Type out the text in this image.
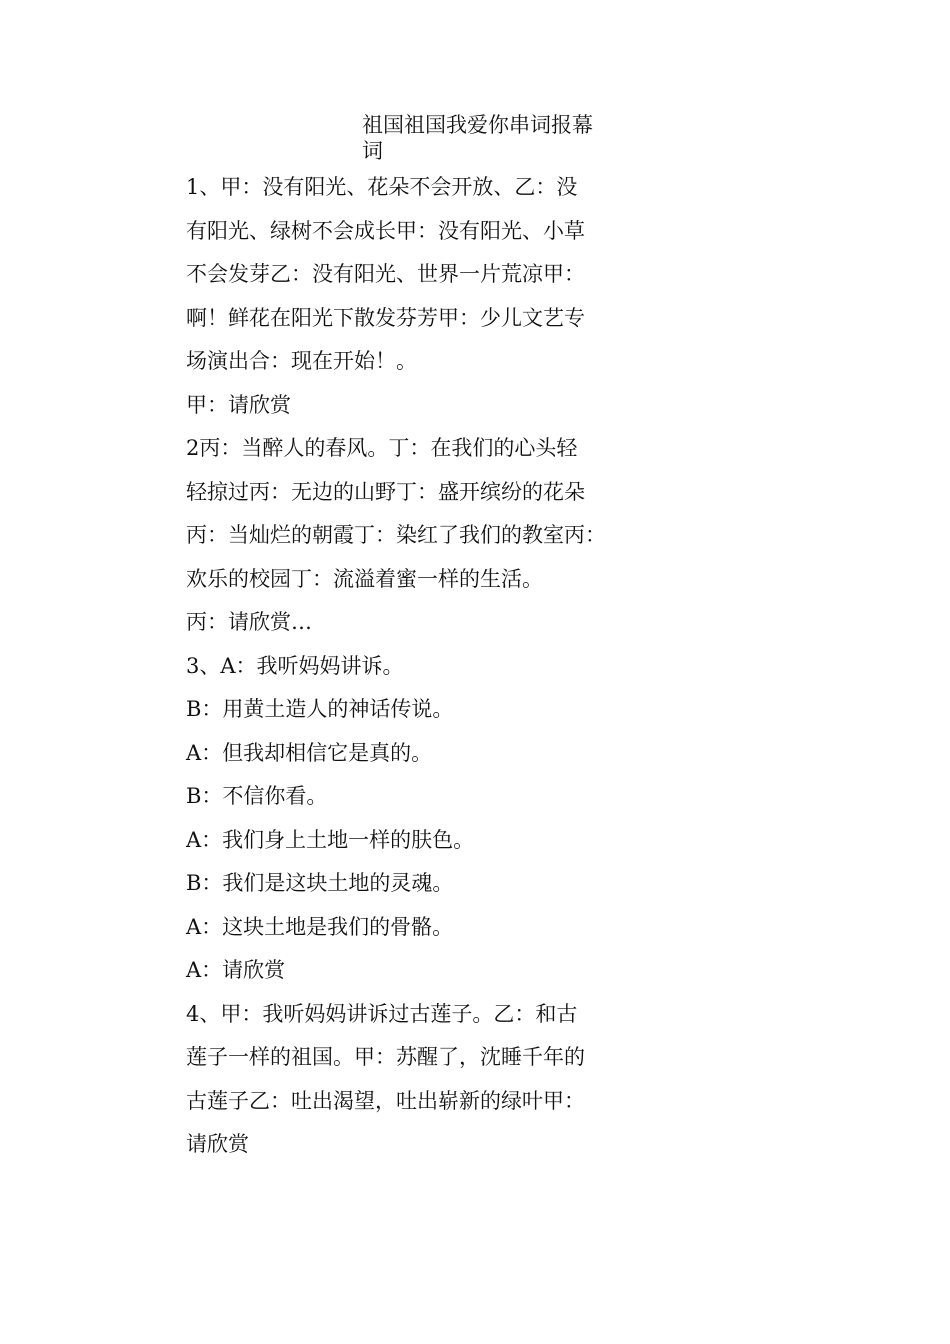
祖国祖国我爱你串词报幕
词

1、甲：没有阳光、花朵不会开放、乙：没
有阳光、绿树不会成长甲：没有阳光、小草
不会发芽乙：没有阳光、世界一片荒凉甲：
啊！鲜花在阳光下散发芬芳甲：少儿文艺专
场演出合：现在开始！。

甲：请欣赏

2丙：当醉人的春风。丁：在我们的心头轻
轻掠过丙：无边的山野丁：盛开缤纷的花朵
丙：当灿烂的朝霞丁：染红了我们的教室丙：
欢乐的校园丁：流溢着蜜一样的生活。

丙：请欣赏…

3、A：我听妈妈讲诉。

B：用黄土造人的神话传说。

A：但我却相信它是真的。

B：不信你看。

A：我们身上土地一样的肤色。

B：我们是这块土地的灵魂。

A：这块土地是我们的骨骼。

A：请欣赏

4、甲：我听妈妈讲诉过古莲子。乙：和古
莲子一样的祖国。甲：苏醒了，沈睡千年的
古莲子乙：吐出渴望，吐出崭新的绿叶甲：
请欣赏
